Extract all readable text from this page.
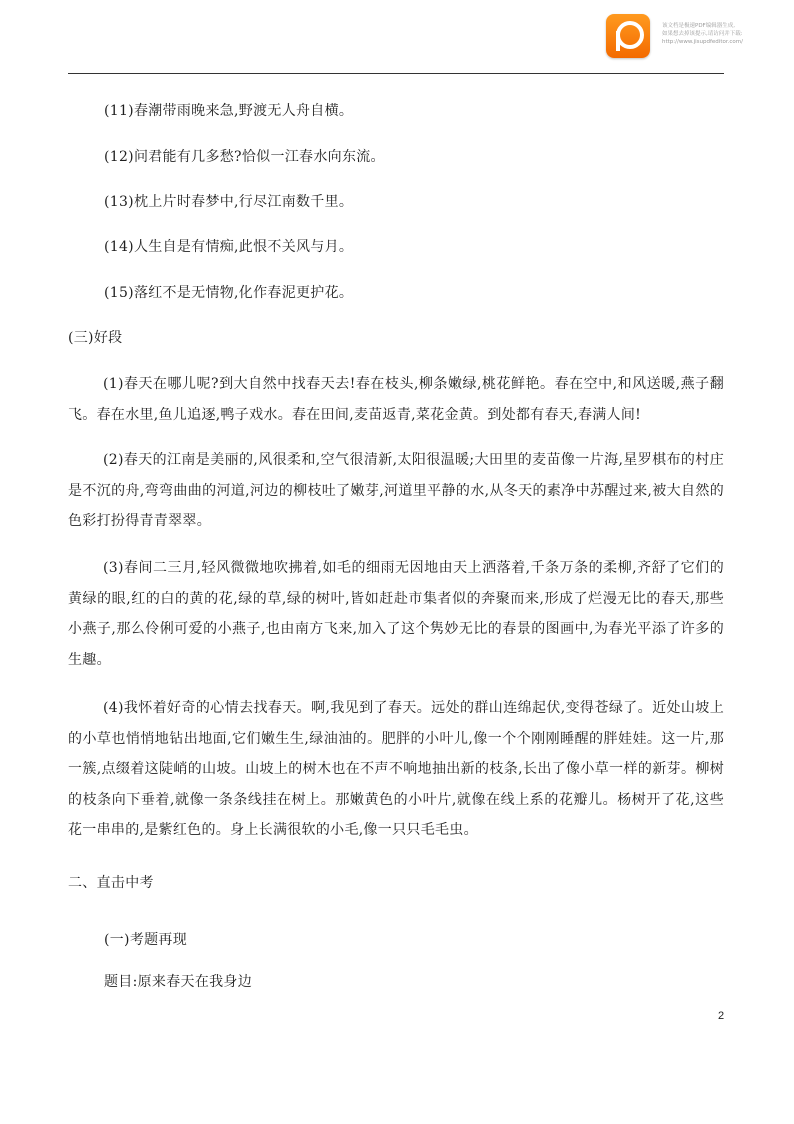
该文档是极速PDF编辑器生成,
如果想去掉该提示,请访问并下载:
http://www.jisupdfeditor.com/

(11)春潮带雨晚来急,野渡无人舟自横。

(12)问君能有几多愁?恰似一江春水向东流。

(13)枕上片时春梦中,行尽江南数千里。

(14)人生自是有情痴,此恨不关风与月。

(15)落红不是无情物,化作春泥更护花。

(三)好段

(1)春天在哪儿呢?到大自然中找春天去!春在枝头,柳条嫩绿,桃花鲜艳。春在空中,和风送暖,燕子翻飞。春在水里,鱼儿追逐,鸭子戏水。春在田间,麦苗返青,菜花金黄。到处都有春天,春满人间!

(2)春天的江南是美丽的,风很柔和,空气很清新,太阳很温暖;大田里的麦苗像一片海,星罗棋布的村庄是不沉的舟,弯弯曲曲的河道,河边的柳枝吐了嫩芽,河道里平静的水,从冬天的素净中苏醒过来,被大自然的色彩打扮得青青翠翠。

(3)春间二三月,轻风微微地吹拂着,如毛的细雨无因地由天上洒落着,千条万条的柔柳,齐舒了它们的黄绿的眼,红的白的黄的花,绿的草,绿的树叶,皆如赶赴市集者似的奔聚而来,形成了烂漫无比的春天,那些小燕子,那么伶俐可爱的小燕子,也由南方飞来,加入了这个隽妙无比的春景的图画中,为春光平添了许多的生趣。

(4)我怀着好奇的心情去找春天。啊,我见到了春天。远处的群山连绵起伏,变得苍绿了。近处山坡上的小草也悄悄地钻出地面,它们嫩生生,绿油油的。肥胖的小叶儿,像一个个刚刚睡醒的胖娃娃。这一片,那一簇,点缀着这陡峭的山坡。山坡上的树木也在不声不响地抽出新的枝条,长出了像小草一样的新芽。柳树的枝条向下垂着,就像一条条线挂在树上。那嫩黄色的小叶片,就像在线上系的花瓣儿。杨树开了花,这些花一串串的,是紫红色的。身上长满很软的小毛,像一只只毛毛虫。

二、直击中考

(一)考题再现

题目:原来春天在我身边

2
